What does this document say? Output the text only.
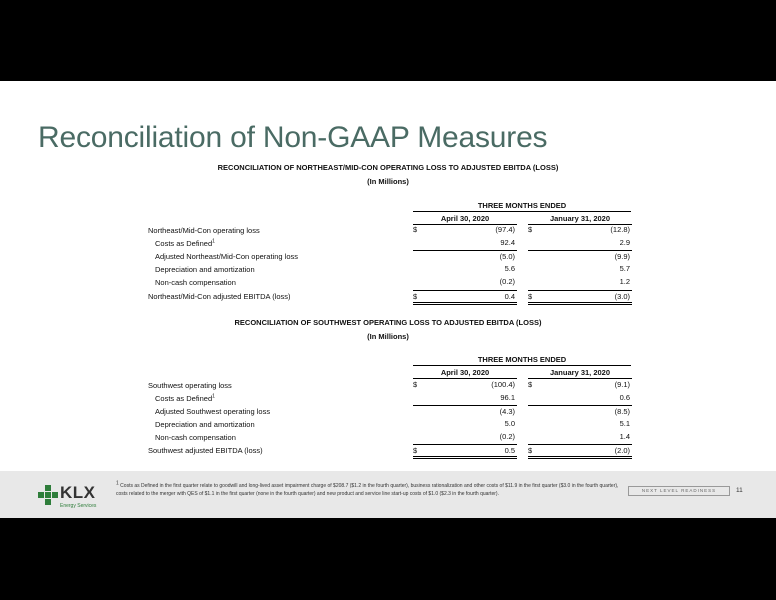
Reconciliation of Non-GAAP Measures
RECONCILIATION OF NORTHEAST/MID-CON OPERATING LOSS TO ADJUSTED EBITDA (LOSS)
(In Millions)
THREE MONTHS ENDED
April 30, 2020	January 31, 2020
Northeast/Mid-Con operating loss	$	(97.4) $	(12.8)
Costs as Defined$^1$	92.4	2.9
Adjusted Northeast/Mid-Con operating loss	(5.0)	(9.9)
Depreciation and amortization	5.6	5.7
Non-cash compensation	(0.2)	1.2
Northeast/Mid-Con adjusted EBITDA (loss)	$	0.4 $	(3.0)
RECONCILIATION OF SOUTHWEST OPERATING LOSS TO ADJUSTED EBITDA (LOSS)
(In Millions)
THREE MONTHS ENDED
April 30, 2020	January 31, 2020
Southwest operating loss	$	(100.4) $	(9.1)
Costs as Defined$^1$	96.1	0.6
Adjusted Southwest operating loss	(4.3)	(8.5)
Depreciation and amortization	5.0	5.1
Non-cash compensation	(0.2)	1.4
Southwest adjusted EBITDA (loss)	$	0.5 $	(2.0)
KLX
Energy Services
$^1$ Costs as Defined in the first quarter relate to goodwill and long-lived asset impairment charge of $208.7 ($1.2 in the fourth quarter), business rationalization and other costs of $11.9 in the first quarter ($3.0 in the fourth quarter), costs related to the merger with QES of $1.1 in the first quarter (none in the fourth quarter) and new product and service line start-up costs of $1.0 ($2.3 in the fourth quarter).
NEXT LEVEL READINESS	11
